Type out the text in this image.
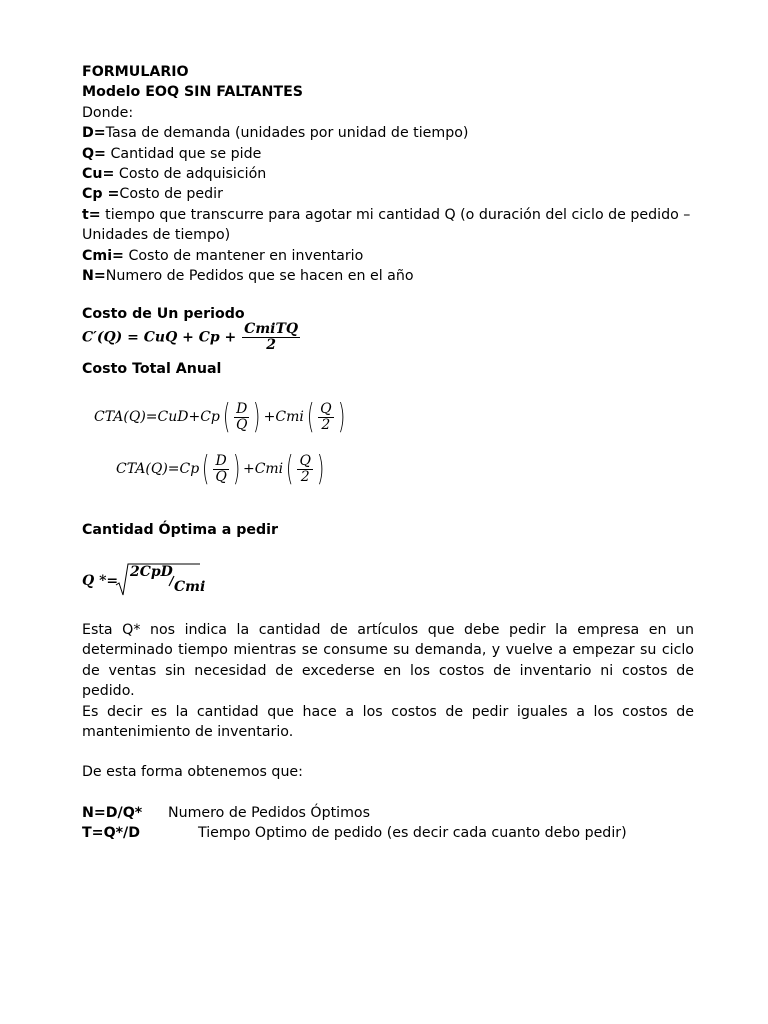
FORMULARIO
Modelo EOQ SIN FALTANTES
Donde:
D=Tasa de demanda (unidades por unidad de tiempo)
Q= Cantidad que se pide
Cu= Costo de adquisición
Cp =Costo de pedir
t= tiempo que transcurre para agotar mi cantidad Q (o duración del ciclo de pedido –
Unidades de tiempo)
Cmi= Costo de mantener en inventario
N=Numero de Pedidos que se hacen en el año
Costo de Un periodo
C′(Q) = CuQ + $Cp + \frac{\text{CmiTQ}}{2}$
Costo Total Anual
$CTA(Q)=CuD+Cp( \frac{D}{Q}$ ) $+Cmi( \frac{Q}{2}$ )
$CTA(Q)=Cp( \frac{D}{Q}$ ) $+Cmi( \frac{Q}{2}$ )
Cantidad Óptima a pedir
Q *=
2CpD
Cmi
Esta Q* nos indica la cantidad de artículos que debe pedir la empresa en un determinado tiempo mientras se consume su demanda, y vuelve a empezar su ciclo de ventas sin necesidad de excederse en los costos de inventario ni costos de pedido.
Es decir es la cantidad que hace a los costos de pedir iguales a los costos de mantenimiento de inventario.
De esta forma obtenemos que:
N=D/Q* Numero de Pedidos Óptimos
T=Q*/D	Tiempo Optimo de pedido (es decir cada cuanto debo pedir)
